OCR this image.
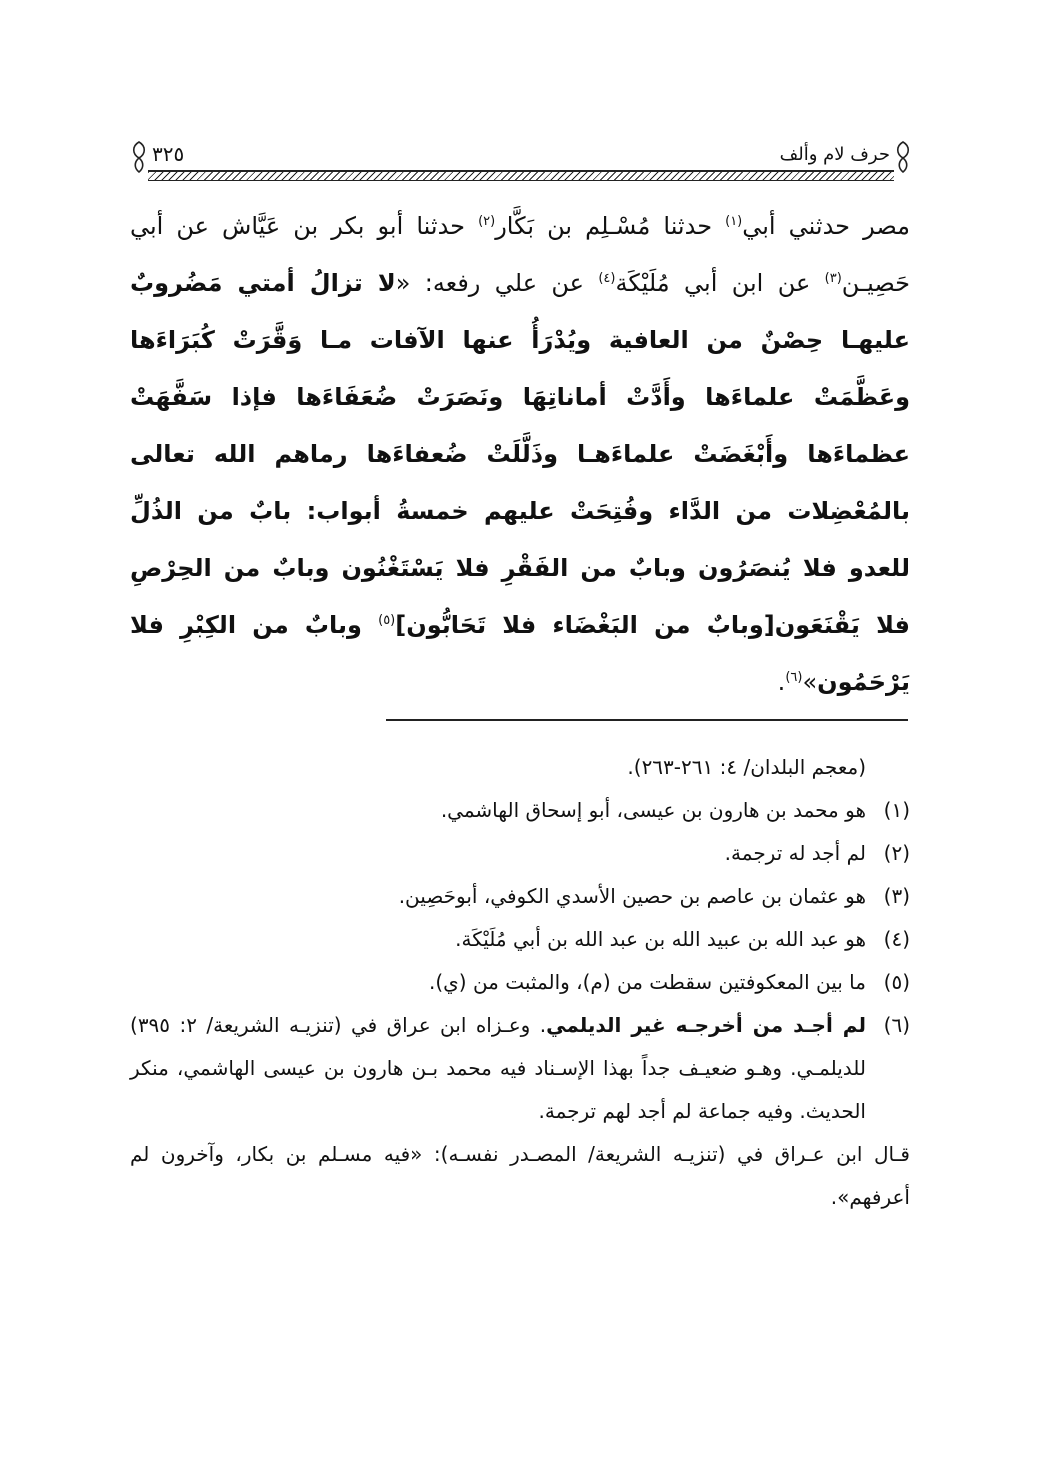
حرف لام وألف
٣٢٥
مصر حدثني أبي$^{(١)}$ حدثنا مُسْـلِم بن بَكَّار$^{(٢)}$ حدثنا أبو بكر بن عَيَّاش عن أبي حَصِيـن$^{(٣)}$ عن ابن أبي مُلَيْكَة$^{(٤)}$ عن علي رفعه: «لا تزالُ أمتي مَضُروبٌ عليهـا حِصْنٌ من العافية ويُدْرَأُ عنها الآفات مـا وَقَّرَتْ كُبَرَاءَها وعَظَّمَتْ علماءَها وأَدَّتْ أماناتِهَا ونَصَرَتْ ضُعَفَاءَها فإذا سَفَّهَتْ عظماءَها وأَبْغَضَتْ علماءَهـا وذَلَّلَتْ ضُعفاءَها رماهم الله تعالى بالمُعْضِلات من الدَّاء وفُتِحَتْ عليهم خمسةُ أبواب: بابٌ من الذُلِّ للعدو فلا يُنصَرُون وبابٌ من الفَقْرِ فلا يَسْتَغْنُون وبابٌ من الحِرْصِ فلا يَقْنَعَون[وبابٌ من البَغْضَاء فلا تَحَابُّون]$^{(٥)}$ وبابٌ من الكِبْرِ فلا يَرْحَمُون»$^{(٦)}$.
(معجم البلدان/ ٤: ٢٦١-٢٦٣).
(١)
هو محمد بن هارون بن عيسى، أبو إسحاق الهاشمي.
(٢)
لم أجد له ترجمة.
(٣)
هو عثمان بن عاصم بن حصين الأسدي الكوفي، أبوحَصِين.
(٤)
هو عبد الله بن عبيد الله بن عبد الله بن أبي مُلَيْكَة.
(٥)
ما بين المعكوفتين سقطت من (م)، والمثبت من (ي).
(٦)
لم أجـد من أخرجـه غير الديلمي. وعـزاه ابن عراق في (تنزيـه الشريعة/ ٢: ٣٩٥) للديلمـي. وهـو ضعيـف جداً بهذا الإسـناد فيه محمد بـن هارون بن عيسى الهاشمي، منكر الحديث. وفيه جماعة لم أجد لهم ترجمة.
قـال ابن عـراق في (تنزيـه الشريعة/ المصـدر نفسـه): «فيه مسـلم بن بكار، وآخرون لم أعرفهم».
